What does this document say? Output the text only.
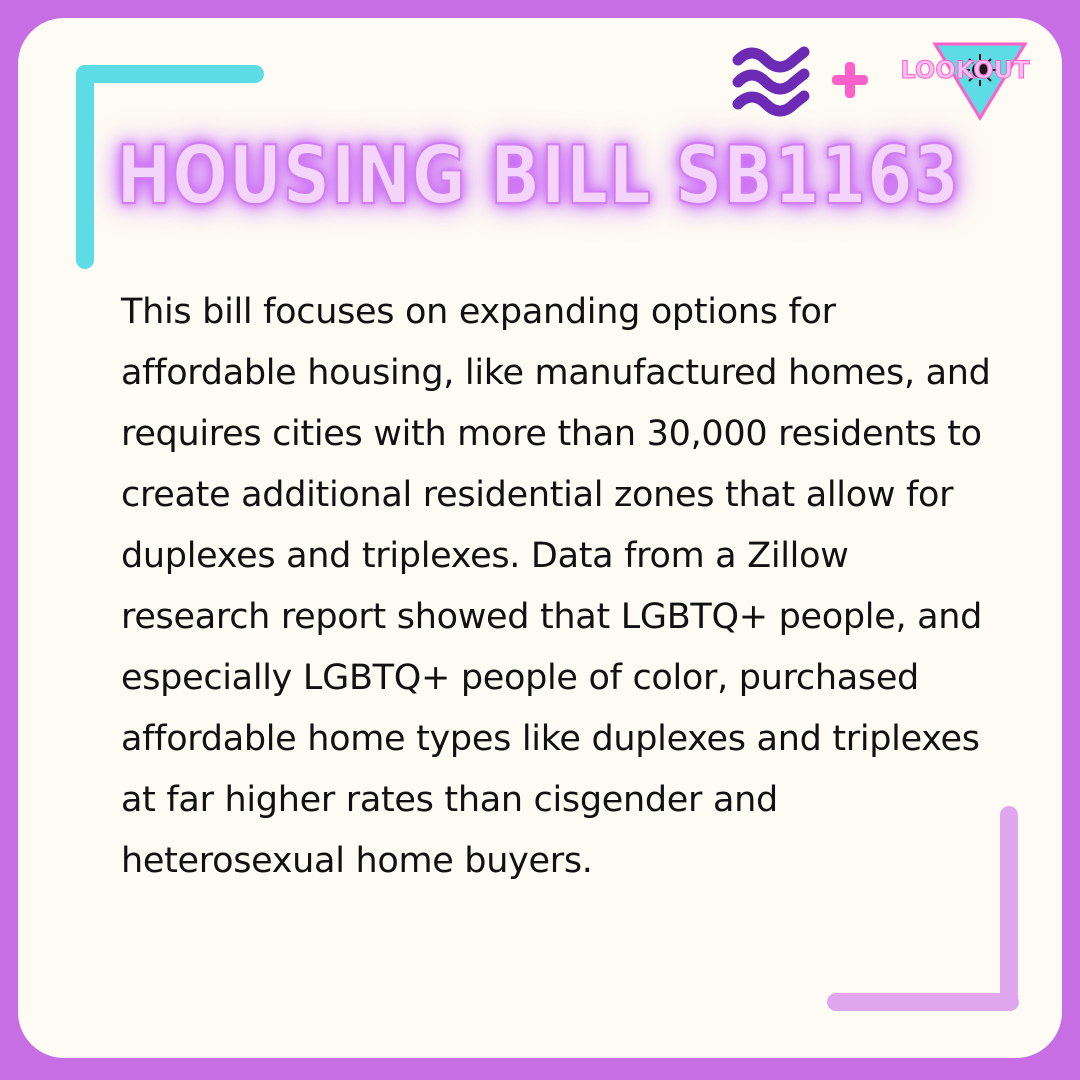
LOOKOUT
HOUSING BILL SB1163

This bill focuses on expanding options for affordable housing, like manufactured homes, and requires cities with more than 30,000 residents to create additional residential zones that allow for duplexes and triplexes. Data from a Zillow research report showed that LGBTQ+ people, and especially LGBTQ+ people of color, purchased affordable home types like duplexes and triplexes at far higher rates than cisgender and heterosexual home buyers.
